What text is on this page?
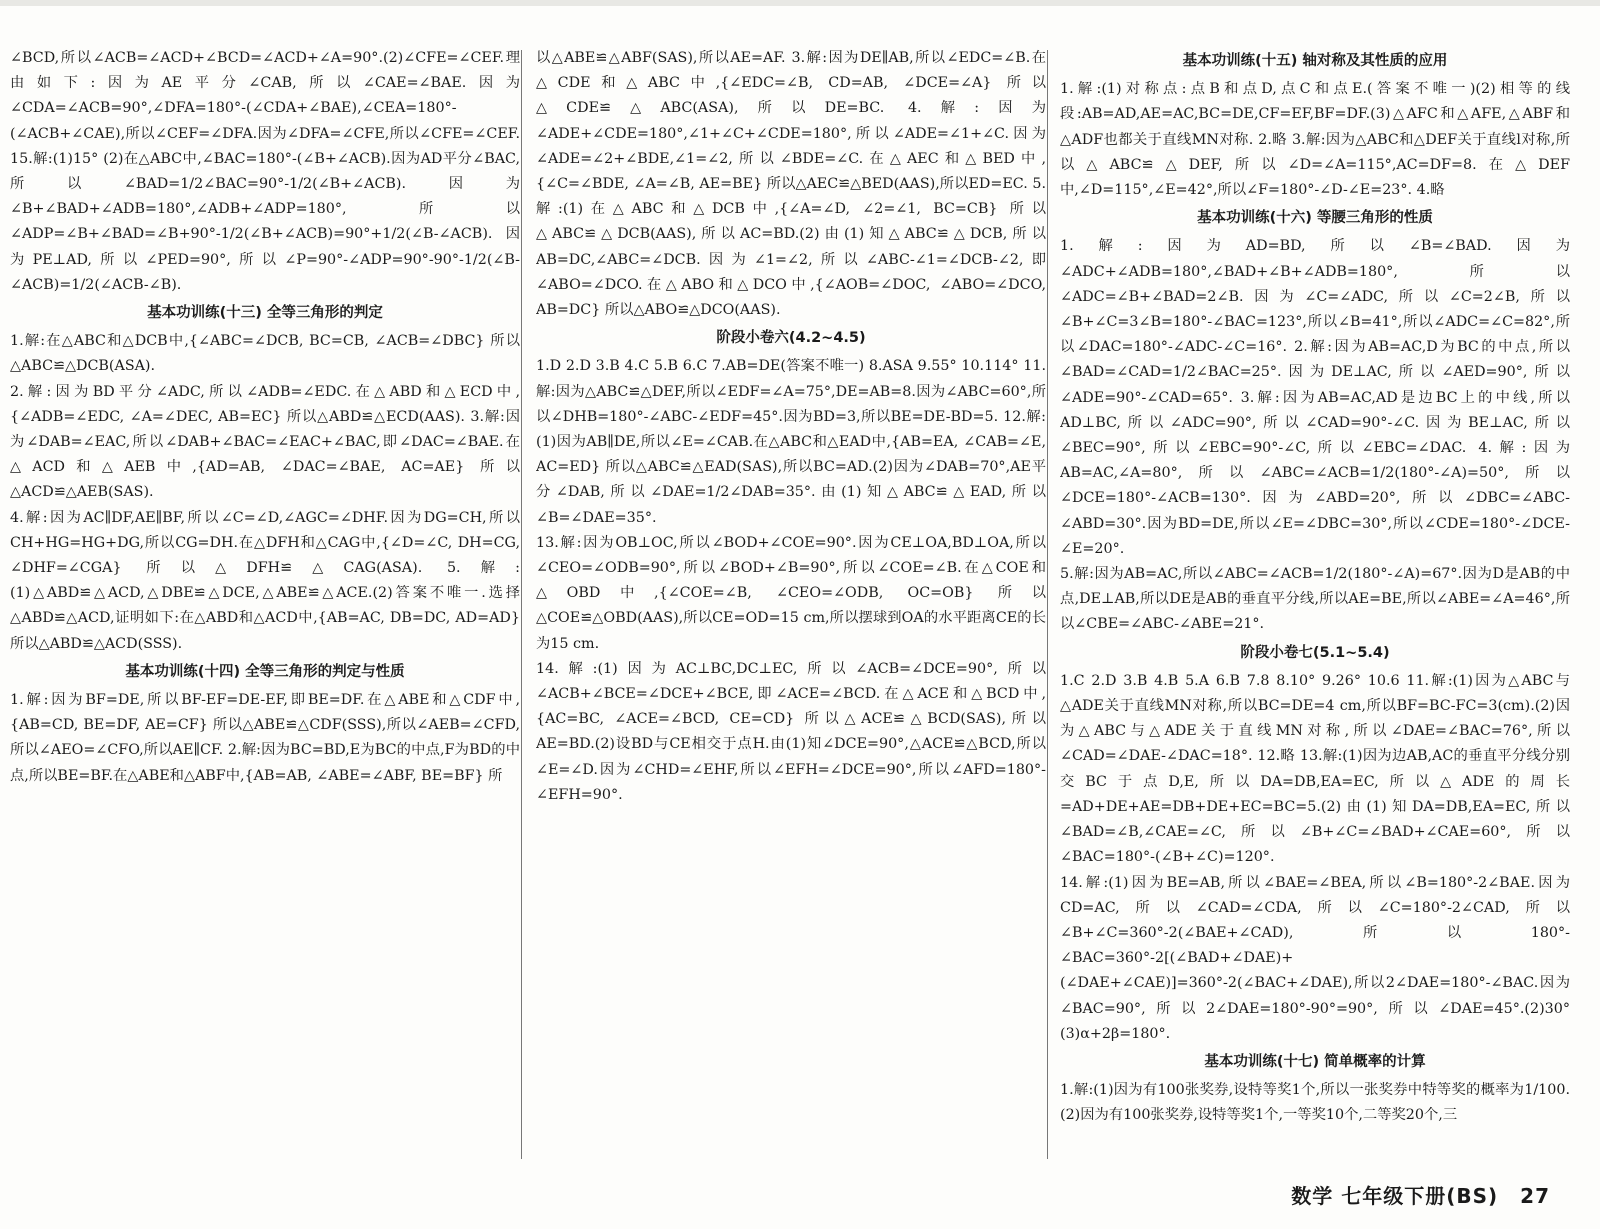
∠BCD,所以∠ACB=∠ACD+∠BCD=∠ACD+∠A=90°.(2)∠CFE=∠CEF.理由如下:因为AE平分∠CAB,所以∠CAE=∠BAE.因为∠CDA=∠ACB=90°,∠DFA=180°-(∠CDA+∠BAE),∠CEA=180°-(∠ACB+∠CAE),所以∠CEF=∠DFA.因为∠DFA=∠CFE,所以∠CFE=∠CEF. 15.解:(1)15° (2)在△ABC中,∠BAC=180°-(∠B+∠ACB).因为AD平分∠BAC,所以∠BAD=1/2∠BAC=90°-1/2(∠B+∠ACB).因为∠B+∠BAD+∠ADB=180°,∠ADB+∠ADP=180°,所以∠ADP=∠B+∠BAD=∠B+90°-1/2(∠B+∠ACB)=90°+1/2(∠B-∠ACB).因为PE⊥AD,所以∠PED=90°,所以∠P=90°-∠ADP=90°-90°-1/2(∠B-∠ACB)=1/2(∠ACB-∠B).

基本功训练(十三) 全等三角形的判定

1.解:在△ABC和△DCB中,{∠ABC=∠DCB, BC=CB, ∠ACB=∠DBC} 所以△ABC≌△DCB(ASA).

2.解:因为BD平分∠ADC,所以∠ADB=∠EDC.在△ABD和△ECD中,{∠ADB=∠EDC, ∠A=∠DEC, AB=EC} 所以△ABD≌△ECD(AAS). 3.解:因为∠DAB=∠EAC,所以∠DAB+∠BAC=∠EAC+∠BAC,即∠DAC=∠BAE.在△ACD和△AEB中,{AD=AB, ∠DAC=∠BAE, AC=AE} 所以△ACD≌△AEB(SAS).

4.解:因为AC∥DF,AE∥BF,所以∠C=∠D,∠AGC=∠DHF.因为DG=CH,所以CH+HG=HG+DG,所以CG=DH.在△DFH和△CAG中,{∠D=∠C, DH=CG, ∠DHF=∠CGA} 所以△DFH≌△CAG(ASA). 5.解:(1)△ABD≌△ACD,△DBE≌△DCE,△ABE≌△ACE.(2)答案不唯一.选择△ABD≌△ACD,证明如下:在△ABD和△ACD中,{AB=AC, DB=DC, AD=AD} 所以△ABD≌△ACD(SSS).

基本功训练(十四) 全等三角形的判定与性质

1.解:因为BF=DE,所以BF-EF=DE-EF,即BE=DF.在△ABE和△CDF中,{AB=CD, BE=DF, AE=CF} 所以△ABE≌△CDF(SSS),所以∠AEB=∠CFD,所以∠AEO=∠CFO,所以AE∥CF. 2.解:因为BC=BD,E为BC的中点,F为BD的中点,所以BE=BF.在△ABE和△ABF中,{AB=AB, ∠ABE=∠ABF, BE=BF} 所

以△ABE≌△ABF(SAS),所以AE=AF. 3.解:因为DE∥AB,所以∠EDC=∠B.在△CDE和△ABC中,{∠EDC=∠B, CD=AB, ∠DCE=∠A} 所以△CDE≌△ABC(ASA),所以DE=BC. 4.解:因为∠ADE+∠CDE=180°,∠1+∠C+∠CDE=180°,所以∠ADE=∠1+∠C.因为∠ADE=∠2+∠BDE,∠1=∠2,所以∠BDE=∠C.在△AEC和△BED中,{∠C=∠BDE, ∠A=∠B, AE=BE} 所以△AEC≌△BED(AAS),所以ED=EC. 5.解:(1)在△ABC和△DCB中,{∠A=∠D, ∠2=∠1, BC=CB} 所以△ABC≌△DCB(AAS),所以AC=BD.(2)由(1)知△ABC≌△DCB,所以AB=DC,∠ABC=∠DCB.因为∠1=∠2,所以∠ABC-∠1=∠DCB-∠2,即∠ABO=∠DCO.在△ABO和△DCO中,{∠AOB=∠DOC, ∠ABO=∠DCO, AB=DC} 所以△ABO≌△DCO(AAS).

阶段小卷六(4.2~4.5)

1.D 2.D 3.B 4.C 5.B 6.C 7.AB=DE(答案不唯一) 8.ASA 9.55° 10.114° 11.解:因为△ABC≌△DEF,所以∠EDF=∠A=75°,DE=AB=8.因为∠ABC=60°,所以∠DHB=180°-∠ABC-∠EDF=45°.因为BD=3,所以BE=DE-BD=5. 12.解:(1)因为AB∥DE,所以∠E=∠CAB.在△ABC和△EAD中,{AB=EA, ∠CAB=∠E, AC=ED} 所以△ABC≌△EAD(SAS),所以BC=AD.(2)因为∠DAB=70°,AE平分∠DAB,所以∠DAE=1/2∠DAB=35°.由(1)知△ABC≌△EAD,所以∠B=∠DAE=35°.

13.解:因为OB⊥OC,所以∠BOD+∠COE=90°.因为CE⊥OA,BD⊥OA,所以∠CEO=∠ODB=90°,所以∠BOD+∠B=90°,所以∠COE=∠B.在△COE和△OBD中,{∠COE=∠B, ∠CEO=∠ODB, OC=OB} 所以△COE≌△OBD(AAS),所以CE=OD=15 cm,所以摆球到OA的水平距离CE的长为15 cm.

14.解:(1)因为AC⊥BC,DC⊥EC,所以∠ACB=∠DCE=90°,所以∠ACB+∠BCE=∠DCE+∠BCE,即∠ACE=∠BCD.在△ACE和△BCD中,{AC=BC, ∠ACE=∠BCD, CE=CD} 所以△ACE≌△BCD(SAS),所以AE=BD.(2)设BD与CE相交于点H.由(1)知∠DCE=90°,△ACE≌△BCD,所以∠E=∠D.因为∠CHD=∠EHF,所以∠EFH=∠DCE=90°,所以∠AFD=180°-∠EFH=90°.

基本功训练(十五) 轴对称及其性质的应用

1.解:(1)对称点:点B和点D,点C和点E.(答案不唯一)(2)相等的线段:AB=AD,AE=AC,BC=DE,CF=EF,BF=DF.(3)△AFC和△AFE,△ABF和△ADF也都关于直线MN对称. 2.略 3.解:因为△ABC和△DEF关于直线l对称,所以△ABC≌△DEF,所以∠D=∠A=115°,AC=DF=8.在△DEF中,∠D=115°,∠E=42°,所以∠F=180°-∠D-∠E=23°. 4.略

基本功训练(十六) 等腰三角形的性质

1.解:因为AD=BD,所以∠B=∠BAD.因为∠ADC+∠ADB=180°,∠BAD+∠B+∠ADB=180°,所以∠ADC=∠B+∠BAD=2∠B.因为∠C=∠ADC,所以∠C=2∠B,所以∠B+∠C=3∠B=180°-∠BAC=123°,所以∠B=41°,所以∠ADC=∠C=82°,所以∠DAC=180°-∠ADC-∠C=16°. 2.解:因为AB=AC,D为BC的中点,所以∠BAD=∠CAD=1/2∠BAC=25°.因为DE⊥AC,所以∠AED=90°,所以∠ADE=90°-∠CAD=65°. 3.解:因为AB=AC,AD是边BC上的中线,所以AD⊥BC,所以∠ADC=90°,所以∠CAD=90°-∠C.因为BE⊥AC,所以∠BEC=90°,所以∠EBC=90°-∠C,所以∠EBC=∠DAC. 4.解:因为AB=AC,∠A=80°,所以∠ABC=∠ACB=1/2(180°-∠A)=50°,所以∠DCE=180°-∠ACB=130°.因为∠ABD=20°,所以∠DBC=∠ABC-∠ABD=30°.因为BD=DE,所以∠E=∠DBC=30°,所以∠CDE=180°-∠DCE-∠E=20°.

5.解:因为AB=AC,所以∠ABC=∠ACB=1/2(180°-∠A)=67°.因为D是AB的中点,DE⊥AB,所以DE是AB的垂直平分线,所以AE=BE,所以∠ABE=∠A=46°,所以∠CBE=∠ABC-∠ABE=21°.

阶段小卷七(5.1~5.4)

1.C 2.D 3.B 4.B 5.A 6.B 7.8 8.10° 9.26° 10.6 11.解:(1)因为△ABC与△ADE关于直线MN对称,所以BC=DE=4 cm,所以BF=BC-FC=3(cm).(2)因为△ABC与△ADE关于直线MN对称,所以∠DAE=∠BAC=76°,所以∠CAD=∠DAE-∠DAC=18°. 12.略 13.解:(1)因为边AB,AC的垂直平分线分别交BC于点D,E,所以DA=DB,EA=EC,所以△ADE的周长=AD+DE+AE=DB+DE+EC=BC=5.(2)由(1)知DA=DB,EA=EC,所以∠BAD=∠B,∠CAE=∠C,所以∠B+∠C=∠BAD+∠CAE=60°,所以∠BAC=180°-(∠B+∠C)=120°.

14.解:(1)因为BE=AB,所以∠BAE=∠BEA,所以∠B=180°-2∠BAE.因为CD=AC,所以∠CAD=∠CDA,所以∠C=180°-2∠CAD,所以∠B+∠C=360°-2(∠BAE+∠CAD),所以180°-∠BAC=360°-2[(∠BAD+∠DAE)+(∠DAE+∠CAE)]=360°-2(∠BAC+∠DAE),所以2∠DAE=180°-∠BAC.因为∠BAC=90°,所以2∠DAE=180°-90°=90°,所以∠DAE=45°.(2)30° (3)α+2β=180°.

基本功训练(十七) 简单概率的计算

1.解:(1)因为有100张奖券,设特等奖1个,所以一张奖券中特等奖的概率为1/100.(2)因为有100张奖券,设特等奖1个,一等奖10个,二等奖20个,三

数学 七年级下册(BS) 27
